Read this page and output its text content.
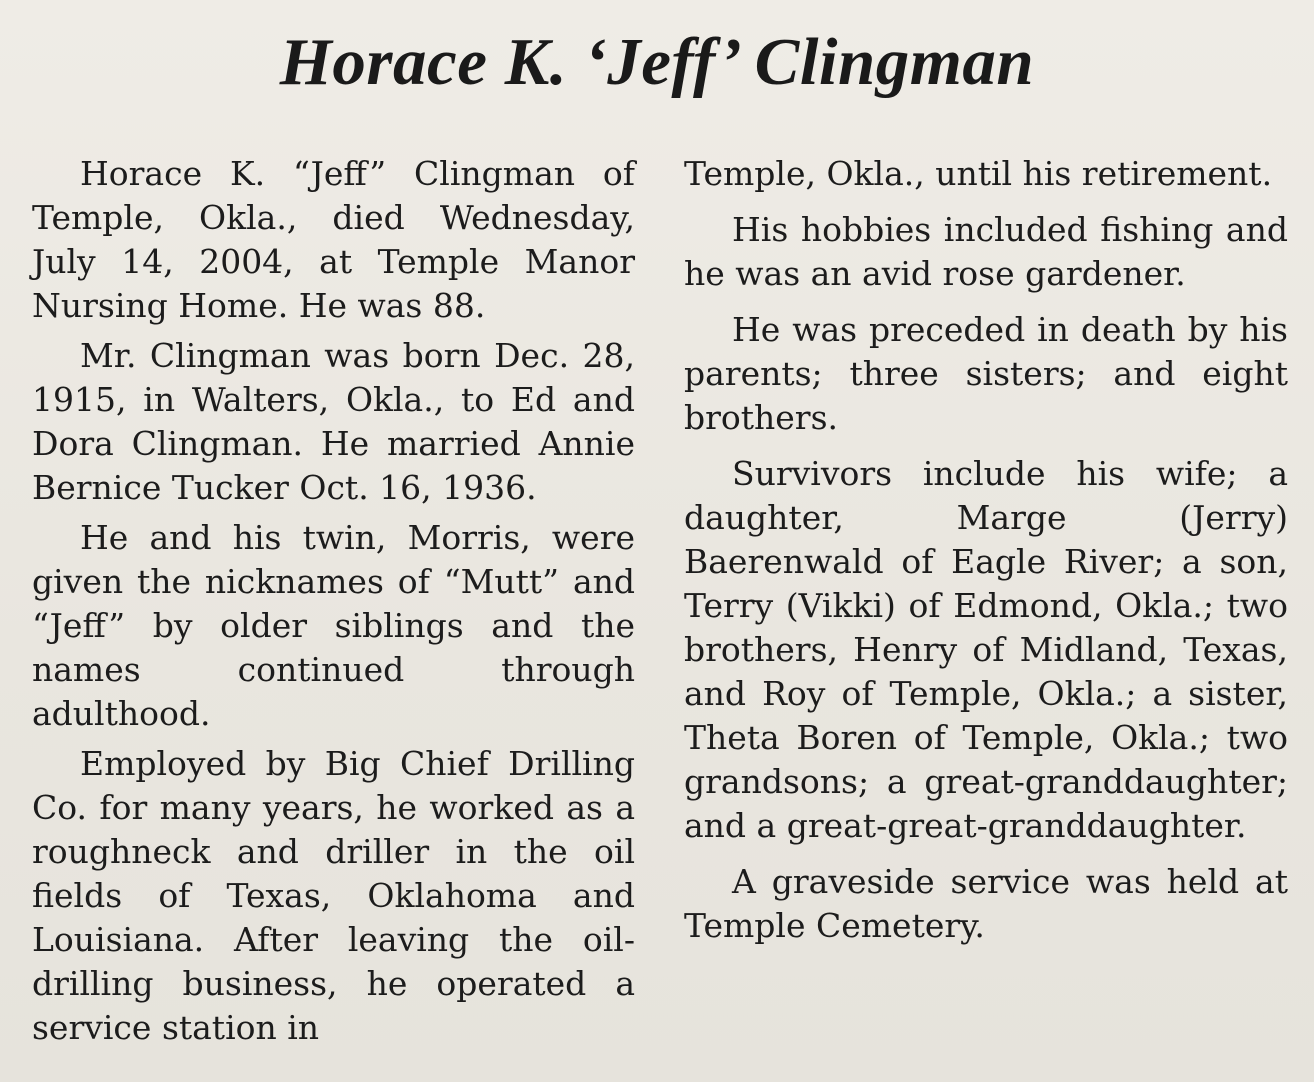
Horace K. ‘Jeff’ Clingman

Horace K. “Jeff” Clingman of Temple, Okla., died Wednesday, July 14, 2004, at Temple Manor Nursing Home. He was 88.

Mr. Clingman was born Dec. 28, 1915, in Walters, Okla., to Ed and Dora Clingman. He married Annie Bernice Tucker Oct. 16, 1936.

He and his twin, Morris, were given the nicknames of “Mutt” and “Jeff” by older siblings and the names continued through adulthood.

Employed by Big Chief Drilling Co. for many years, he worked as a roughneck and driller in the oil fields of Texas, Oklahoma and Louisiana. After leaving the oil-drilling business, he operated a service station in

Temple, Okla., until his retirement.

His hobbies included fishing and he was an avid rose gardener.

He was preceded in death by his parents; three sisters; and eight brothers.

Survivors include his wife; a daughter, Marge (Jerry) Baerenwald of Eagle River; a son, Terry (Vikki) of Edmond, Okla.; two brothers, Henry of Midland, Texas, and Roy of Temple, Okla.; a sister, Theta Boren of Temple, Okla.; two grandsons; a great-granddaughter; and a great-great-granddaughter.

A graveside service was held at Temple Cemetery.
